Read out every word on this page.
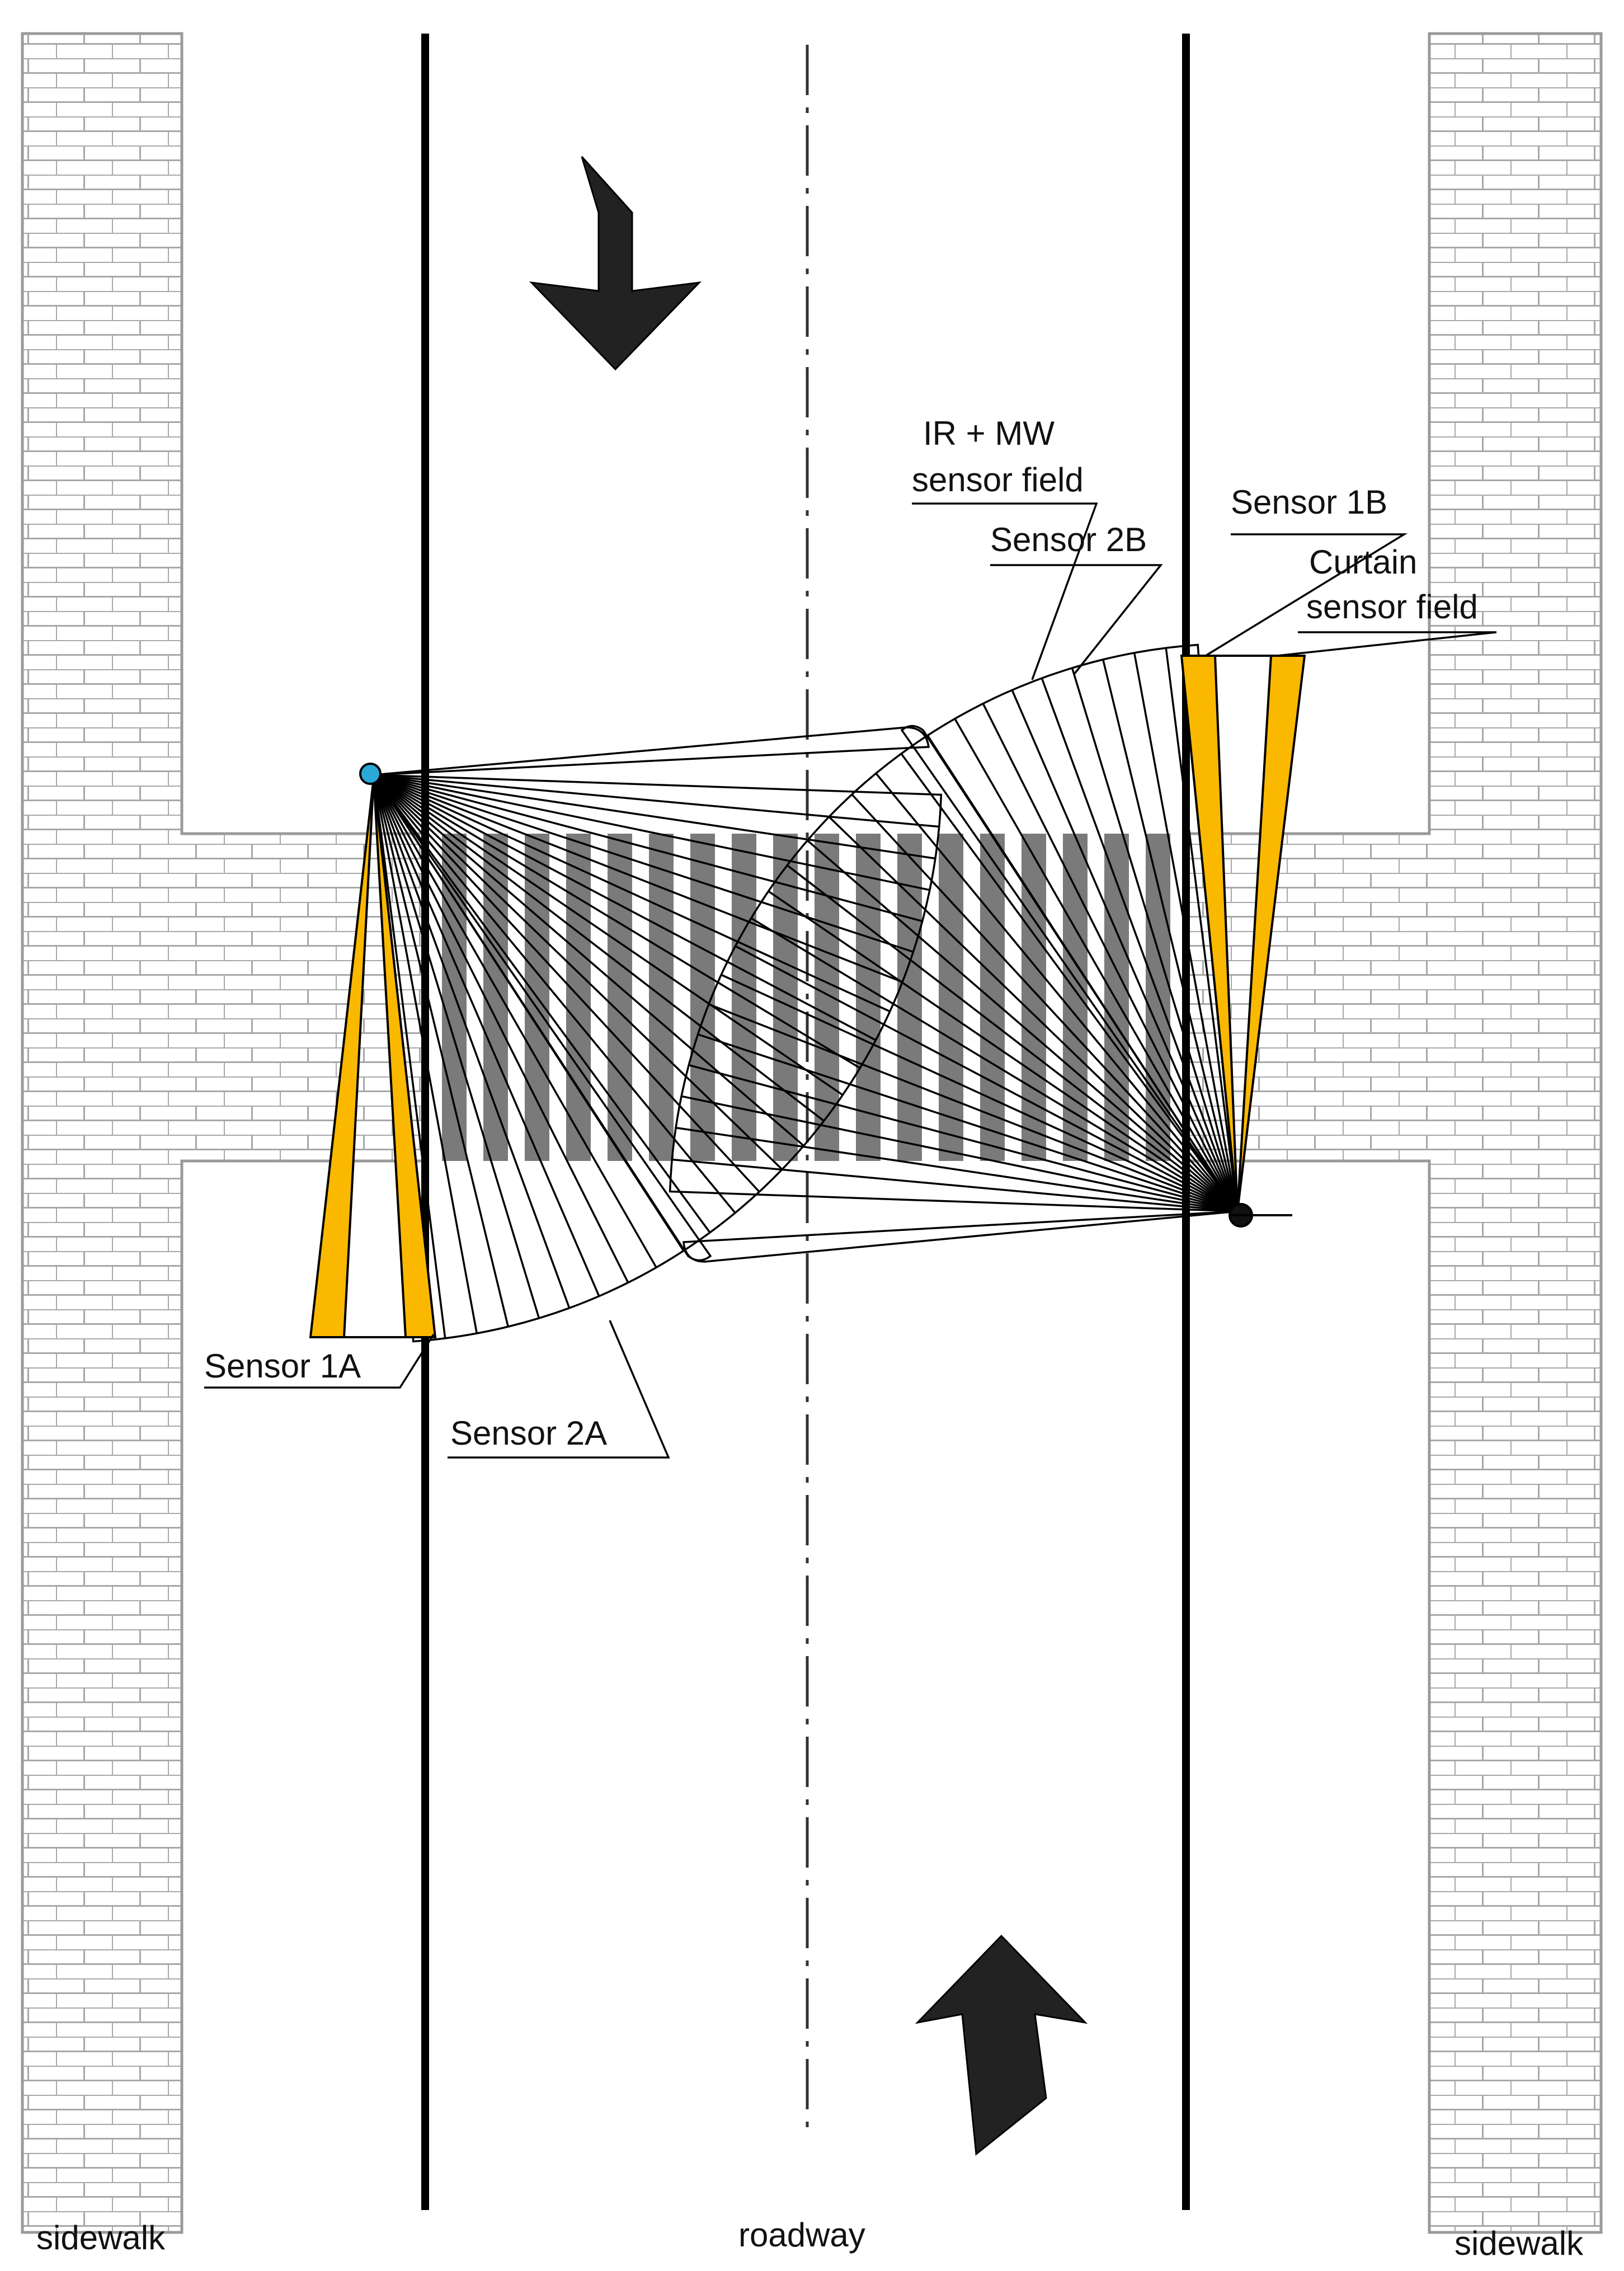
Sensor 1A
Sensor 2A
IR + MW
sensor field
Sensor 2B
Sensor 1B
Curtain
sensor field
sidewalk	roadway	sidewalk
